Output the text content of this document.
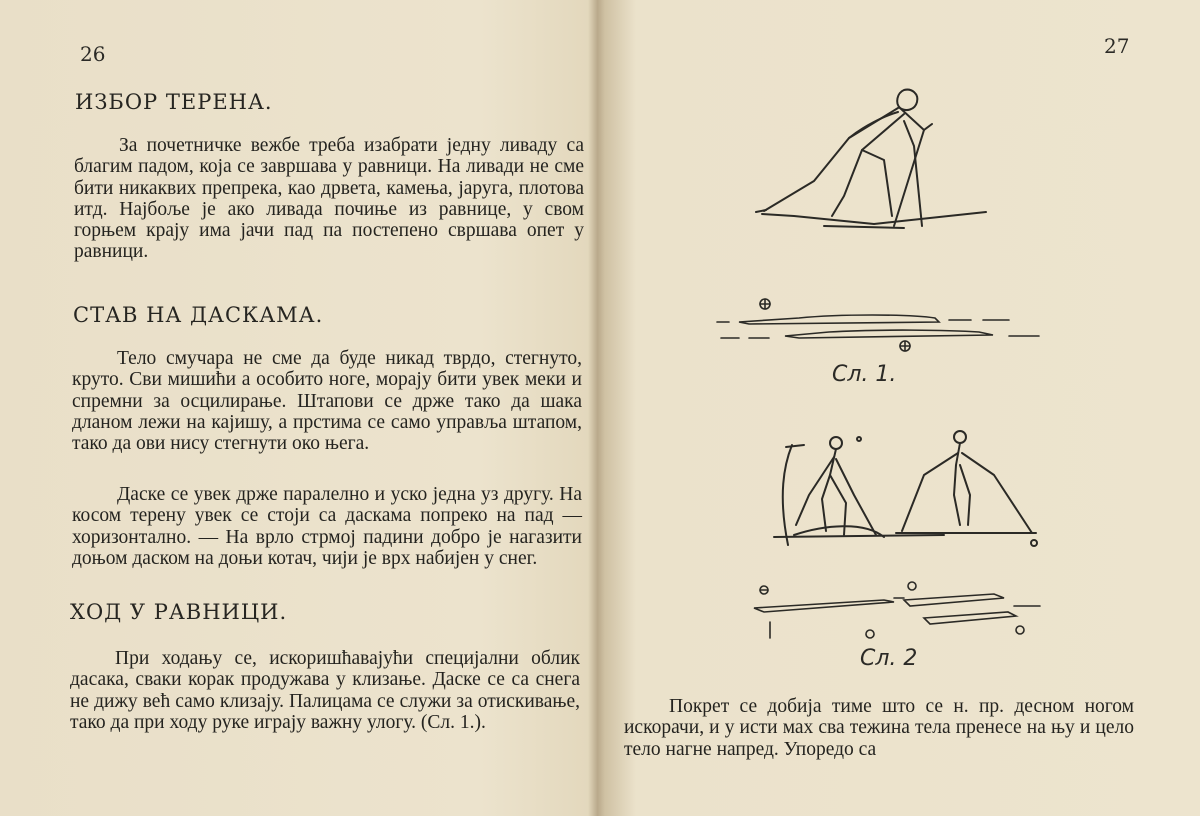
26
ИЗБОР ТЕРЕНА.
За почетничке вежбе треба изабрати једну ливаду са благим падом, која се завршава у равници. На ливади не сме бити никаквих препрека, као дрвета, камења, јаруга, плотова итд. Најбоље је ако ливада почиње из равнице, у свом горњем крају има јачи пад па постепено свршава опет у равници.
СТАВ НА ДАСКАМА.
Тело смучара не сме да буде никад тврдо, стегнуто, круто. Сви мишићи а особито ноге, морају бити увек меки и спремни за осцилирање. Штапови се држе тако да шака дланом лежи на кајишу, а прстима се само управља штапом, тако да ови нису стегнути око њега.
Даске се увек држе паралелно и уско једна уз другу. На косом терену увек се стоји са даскама попреко на пад — хоризонтално. — На врло стрмој падини добро је нагазити доњом даском на доњи котач, чији је врх набијен у снег.
ХОД У РАВНИЦИ.
При ходању се, искоришћавајући специјални облик дасака, сваки корак продужава у клизање. Даске се са снега не дижу већ само клизају. Палицама се служи за отискивање, тако да при ходу руке играју важну улогу. (Сл. 1.).
27
Сл. 1.
Сл. 2
Покрет се добија тиме што се н. пр. десном ногом искорачи, и у исти мах сва тежина тела пренесе на њу и цело тело нагне напред. Упоредо са
